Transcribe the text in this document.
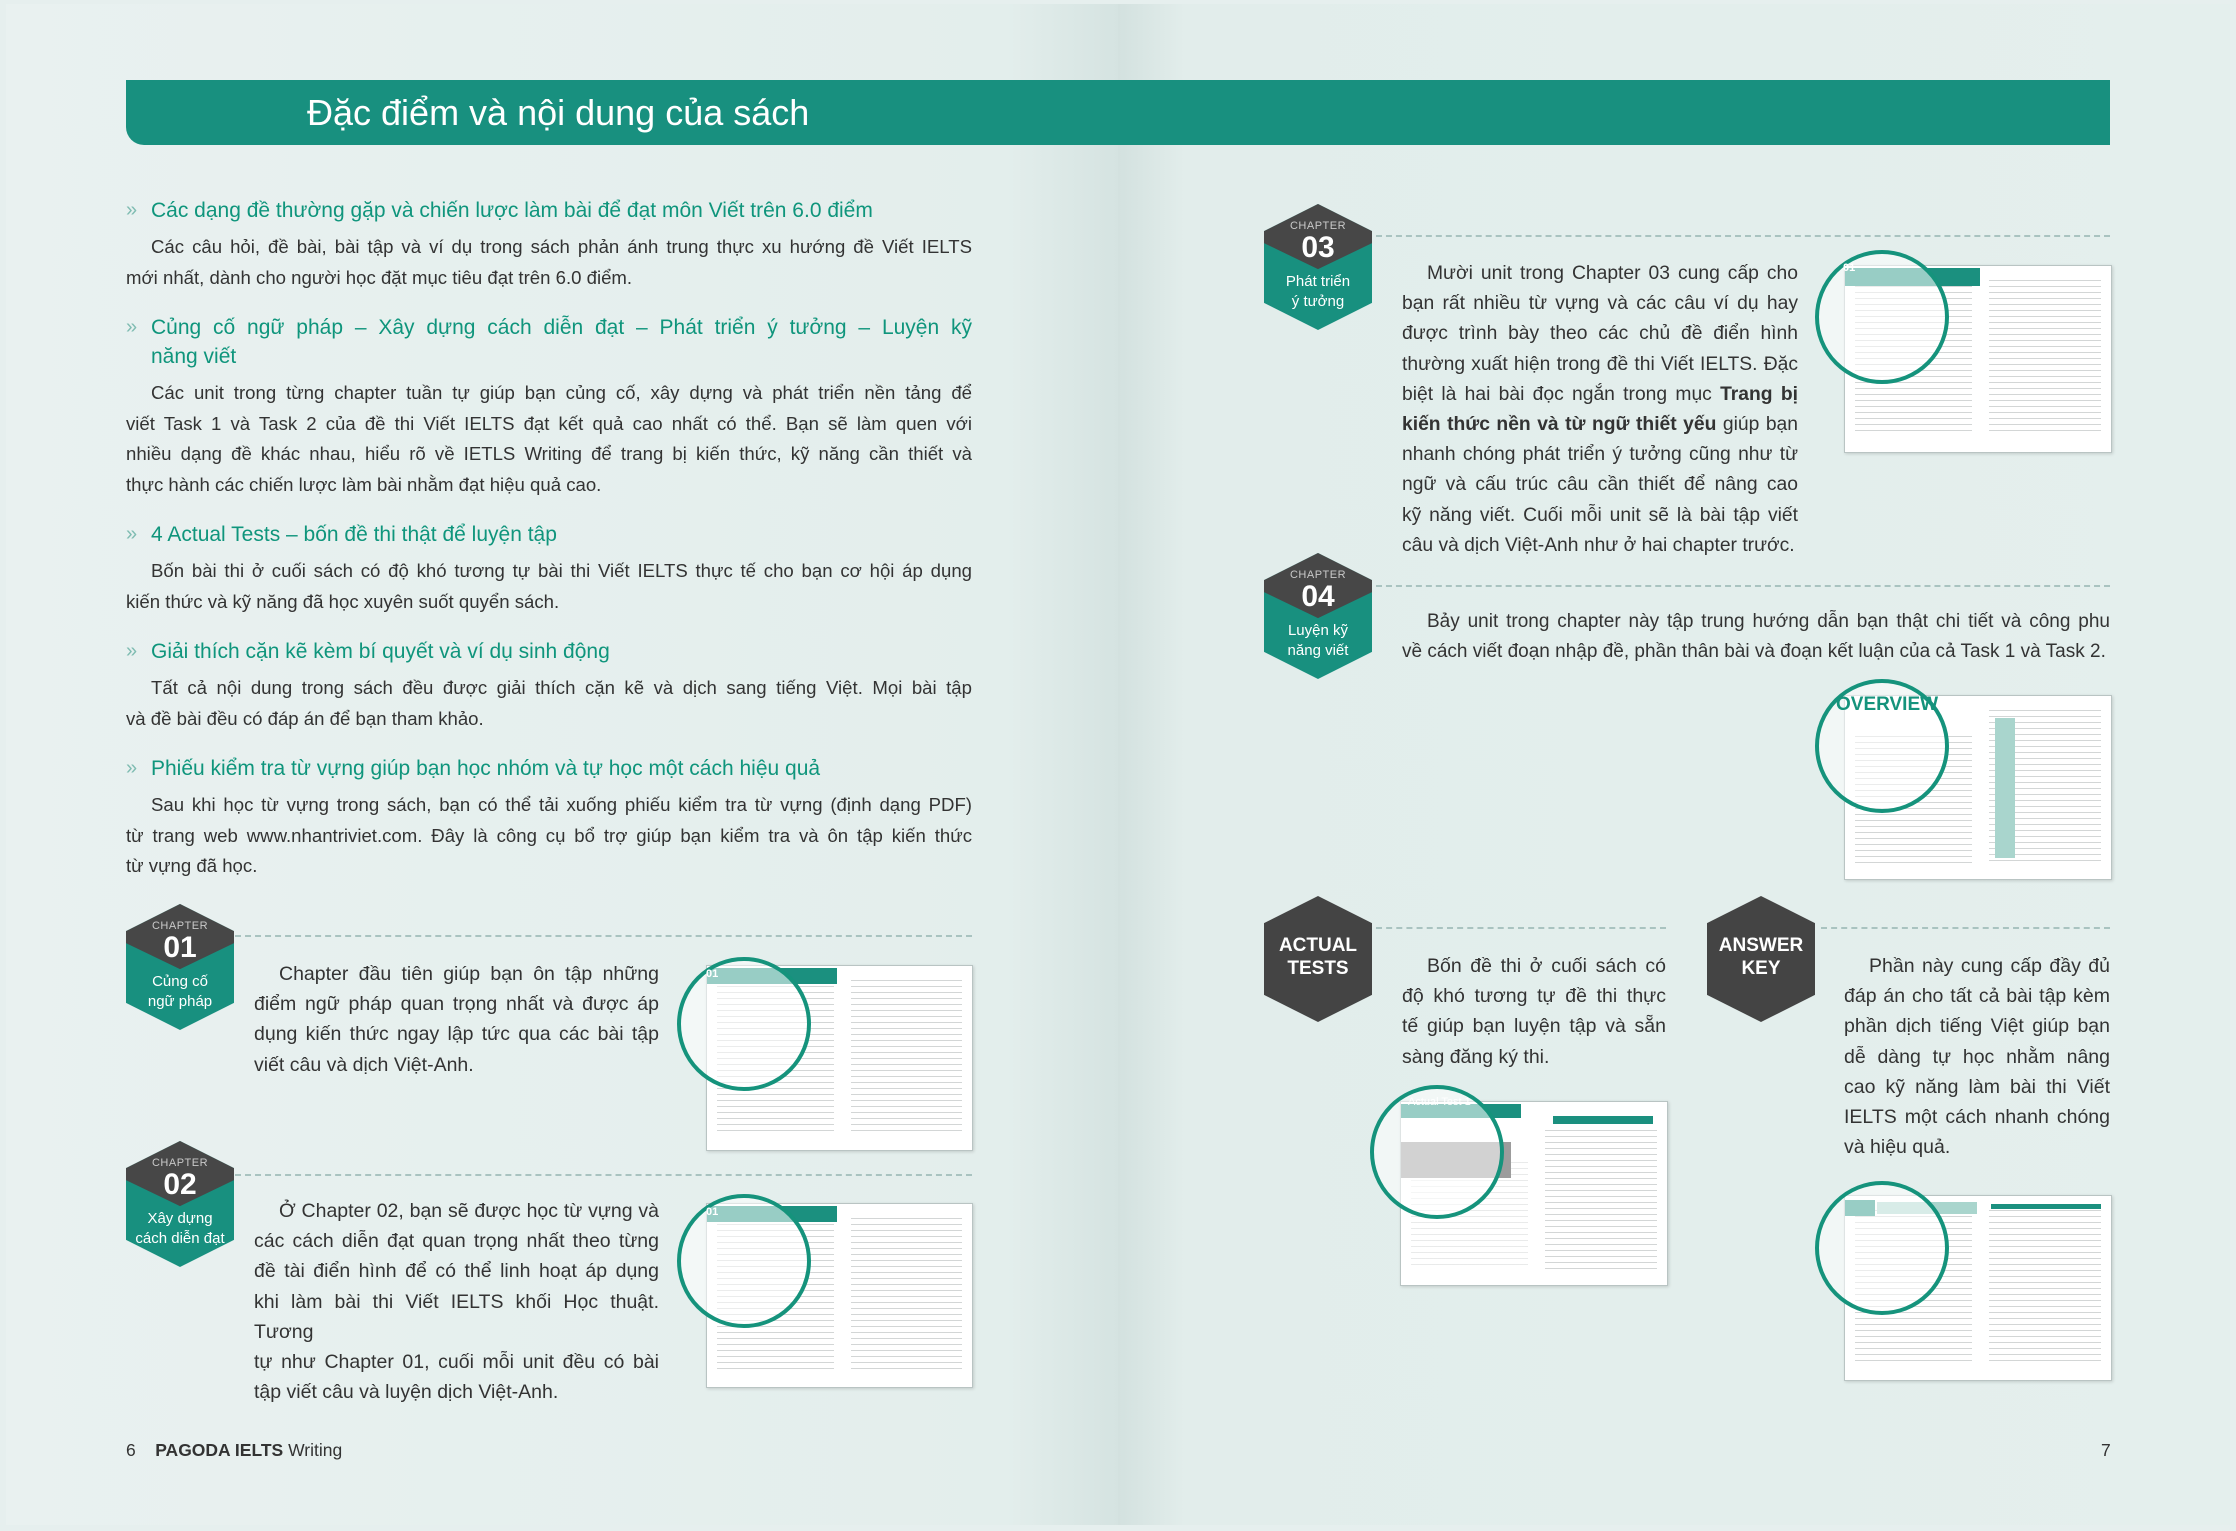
Đặc điểm và nội dung của sách
» Các dạng đề thường gặp và chiến lược làm bài để đạt môn Viết trên 6.0 điểm
Các câu hỏi, đề bài, bài tập và ví dụ trong sách phản ánh trung thực xu hướng đề Viết IELTS
mới nhất, dành cho người học đặt mục tiêu đạt trên 6.0 điểm.
» Củng cố ngữ pháp – Xây dựng cách diễn đạt – Phát triển ý tưởng – Luyện kỹ
năng viết
Các unit trong từng chapter tuần tự giúp bạn củng cố, xây dựng và phát triển nền tảng để
viết Task 1 và Task 2 của đề thi Viết IELTS đạt kết quả cao nhất có thể. Bạn sẽ làm quen với
nhiều dạng đề khác nhau, hiểu rõ về IETLS Writing để trang bị kiến thức, kỹ năng cần thiết và
thực hành các chiến lược làm bài nhằm đạt hiệu quả cao.
» 4 Actual Tests – bốn đề thi thật để luyện tập
Bốn bài thi ở cuối sách có độ khó tương tự bài thi Viết IELTS thực tế cho bạn cơ hội áp dụng
kiến thức và kỹ năng đã học xuyên suốt quyển sách.
» Giải thích cặn kẽ kèm bí quyết và ví dụ sinh động
Tất cả nội dung trong sách đều được giải thích cặn kẽ và dịch sang tiếng Việt. Mọi bài tập
và đề bài đều có đáp án để bạn tham khảo.
» Phiếu kiểm tra từ vựng giúp bạn học nhóm và tự học một cách hiệu quả
Sau khi học từ vựng trong sách, bạn có thể tải xuống phiếu kiểm tra từ vựng (định dạng PDF)
từ trang web www.nhantriviet.com. Đây là công cụ bổ trợ giúp bạn kiểm tra và ôn tập kiến thức
từ vựng đã học.
CHAPTER
01
Củng cố
ngữ pháp
Chapter đầu tiên giúp bạn ôn tập những
điểm ngữ pháp quan trọng nhất và được áp
dụng kiến thức ngay lập tức qua các bài tập
viết câu và dịch Việt-Anh.
01
CHAPTER
02
Xây dựng
cách diễn đạt
Ở Chapter 02, bạn sẽ được học từ vựng và
các cách diễn đạt quan trọng nhất theo từng
đề tài điển hình để có thể linh hoạt áp dụng
khi làm bài thi Viết IELTS khối Học thuật. Tương
tự như Chapter 01, cuối mỗi unit đều có bài
tập viết câu và luyện dịch Việt-Anh.
01
CHAPTER
03
Phát triển
ý tưởng
Mười unit trong Chapter 03 cung cấp cho
bạn rất nhiều từ vựng và các câu ví dụ hay
được trình bày theo các chủ đề điển hình
thường xuất hiện trong đề thi Viết IELTS. Đặc
biệt là hai bài đọc ngắn trong mục Trang bị
kiến thức nền và từ ngữ thiết yếu giúp bạn
nhanh chóng phát triển ý tưởng cũng như từ
ngữ và cấu trúc câu cần thiết để nâng cao
kỹ năng viết. Cuối mỗi unit sẽ là bài tập viết
câu và dịch Việt-Anh như ở hai chapter trước.
01
CHAPTER
04
Luyện kỹ
năng viết
Bảy unit trong chapter này tập trung hướng dẫn bạn thật chi tiết và công phu
về cách viết đoạn nhập đề, phần thân bài và đoạn kết luận của cả Task 1 và Task 2.
OVERVIEW
ACTUAL
TESTS	Bốn đề thi ở cuối sách có
độ khó tương tự đề thi thực
tế giúp bạn luyện tập và sẵn
sàng đăng ký thi.
Actual Test 1
ANSWER
KEY	Phần này cung cấp đầy đủ
đáp án cho tất cả bài tập kèm
phần dịch tiếng Việt giúp bạn
dễ dàng tự học nhằm nâng
cao kỹ năng làm bài thi Viết
IELTS một cách nhanh chóng
và hiệu quả.
6 PAGODA IELTS Writing	7
